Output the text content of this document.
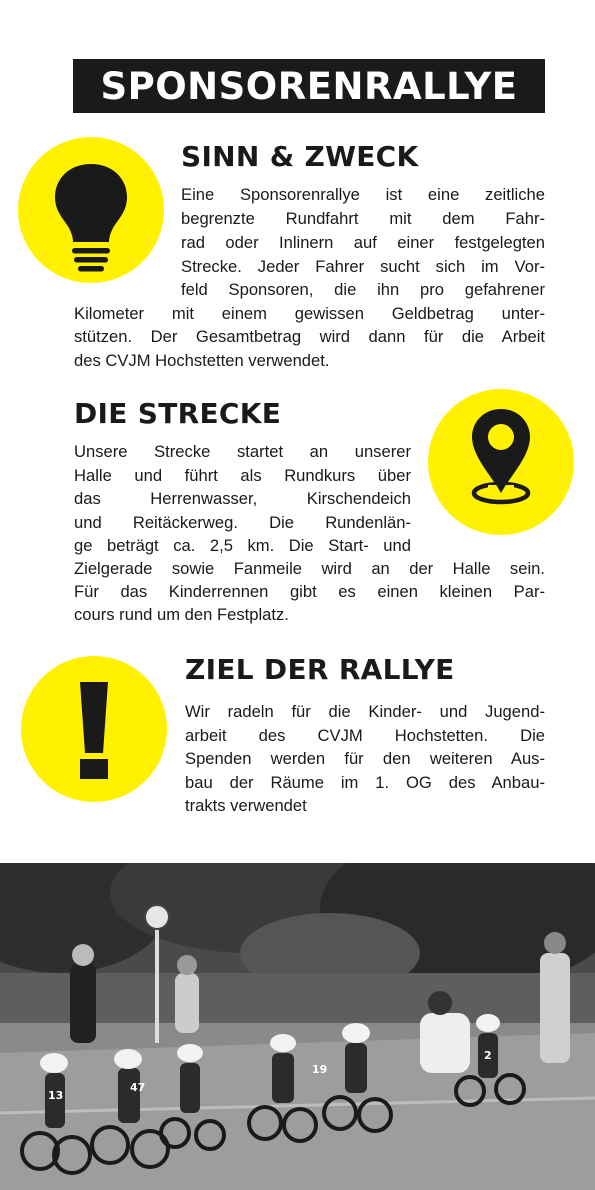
SPONSORENRALLYE
SINN & ZWECK
Eine Sponsorenrallye ist eine zeitliche
begrenzte Rundfahrt mit dem Fahr-
rad oder Inlinern auf einer festgelegten
Strecke. Jeder Fahrer sucht sich im Vor-
feld Sponsoren, die ihn pro gefahrener
Kilometer mit einem gewissen Geldbetrag unter-
stützen. Der Gesamtbetrag wird dann für die Arbeit
des CVJM Hochstetten verwendet.
DIE STRECKE
Unsere Strecke startet an unserer
Halle und führt als Rundkurs über
das Herrenwasser, Kirschendeich
und Reitäckerweg. Die Rundenlän-
ge beträgt ca. 2,5 km. Die Start- und
Zielgerade sowie Fanmeile wird an der Halle sein.
Für das Kinderrennen gibt es einen kleinen Par-
cours rund um den Festplatz.
ZIEL DER RALLYE
Wir radeln für die Kinder- und Jugend-
arbeit des CVJM Hochstetten. Die
Spenden werden für den weiteren Aus-
bau der Räume im 1. OG des Anbau-
trakts verwendet
47
19
13
2
